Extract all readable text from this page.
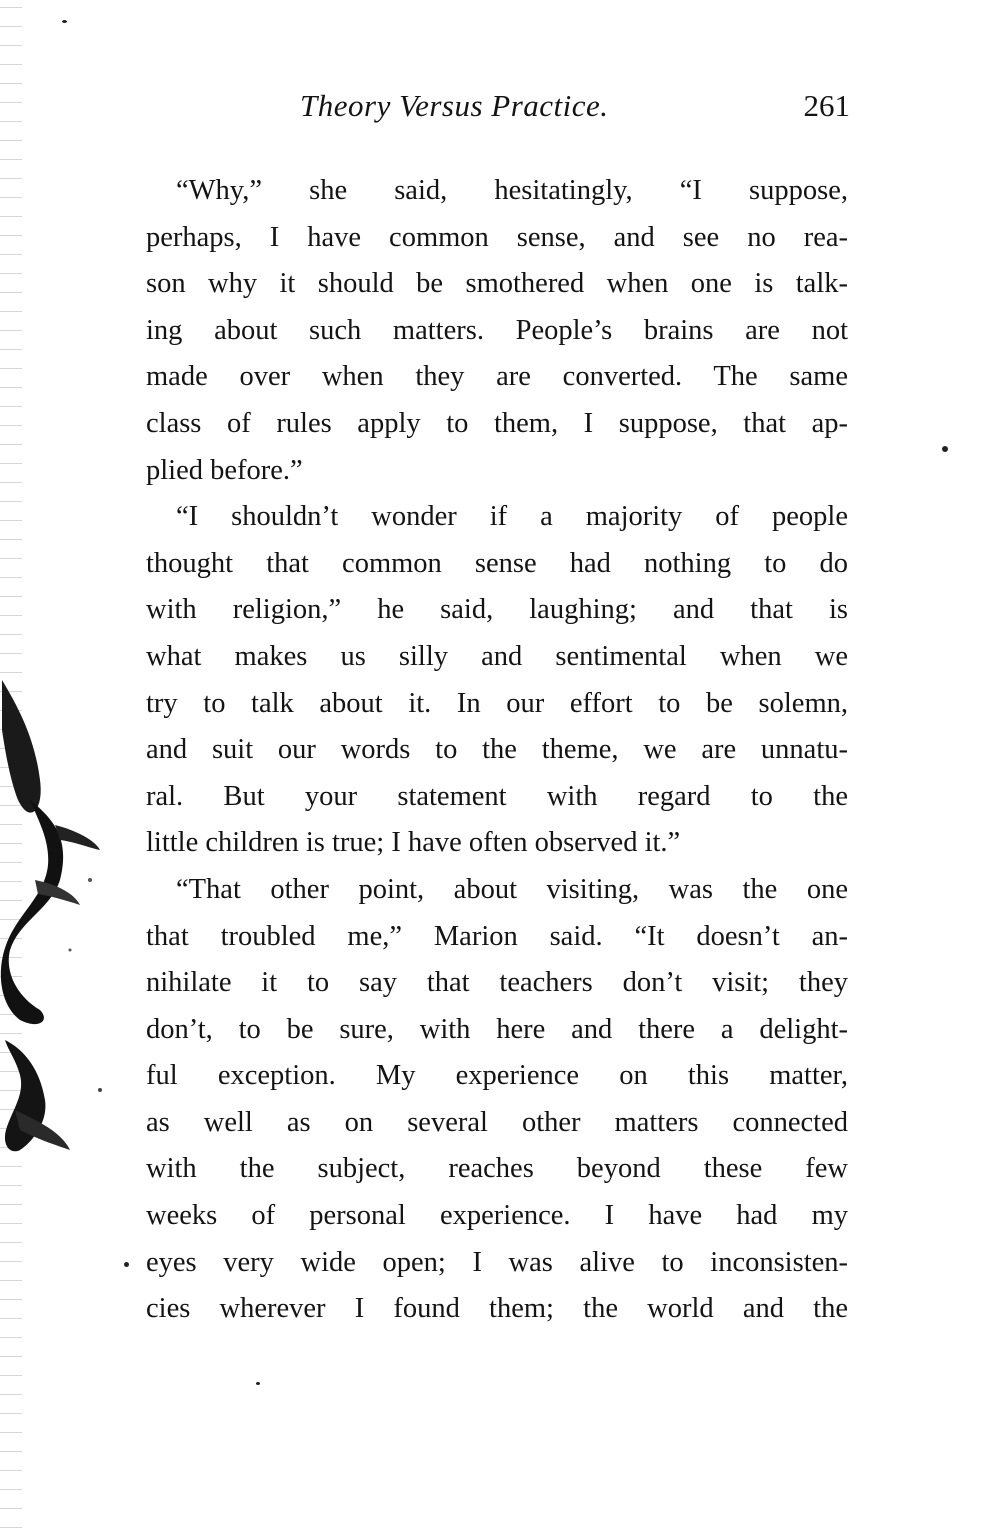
Theory Versus Practice.	261
“Why,” she said, hesitatingly, “I suppose,
perhaps, I have common sense, and see no rea-
son why it should be smothered when one is talk-
ing about such matters. People’s brains are not
made over when they are converted. The same
class of rules apply to them, I suppose, that ap-
plied before.”
“I shouldn’t wonder if a majority of people
thought that common sense had nothing to do
with religion,” he said, laughing; and that is
what makes us silly and sentimental when we
try to talk about it. In our effort to be solemn,
and suit our words to the theme, we are unnatu-
ral. But your statement with regard to the
little children is true; I have often observed it.”
“That other point, about visiting, was the one
that troubled me,” Marion said. “It doesn’t an-
nihilate it to say that teachers don’t visit; they
don’t, to be sure, with here and there a delight-
ful exception. My experience on this matter,
as well as on several other matters connected
with the subject, reaches beyond these few
weeks of personal experience. I have had my
eyes very wide open; I was alive to inconsisten-
cies wherever I found them; the world and the
